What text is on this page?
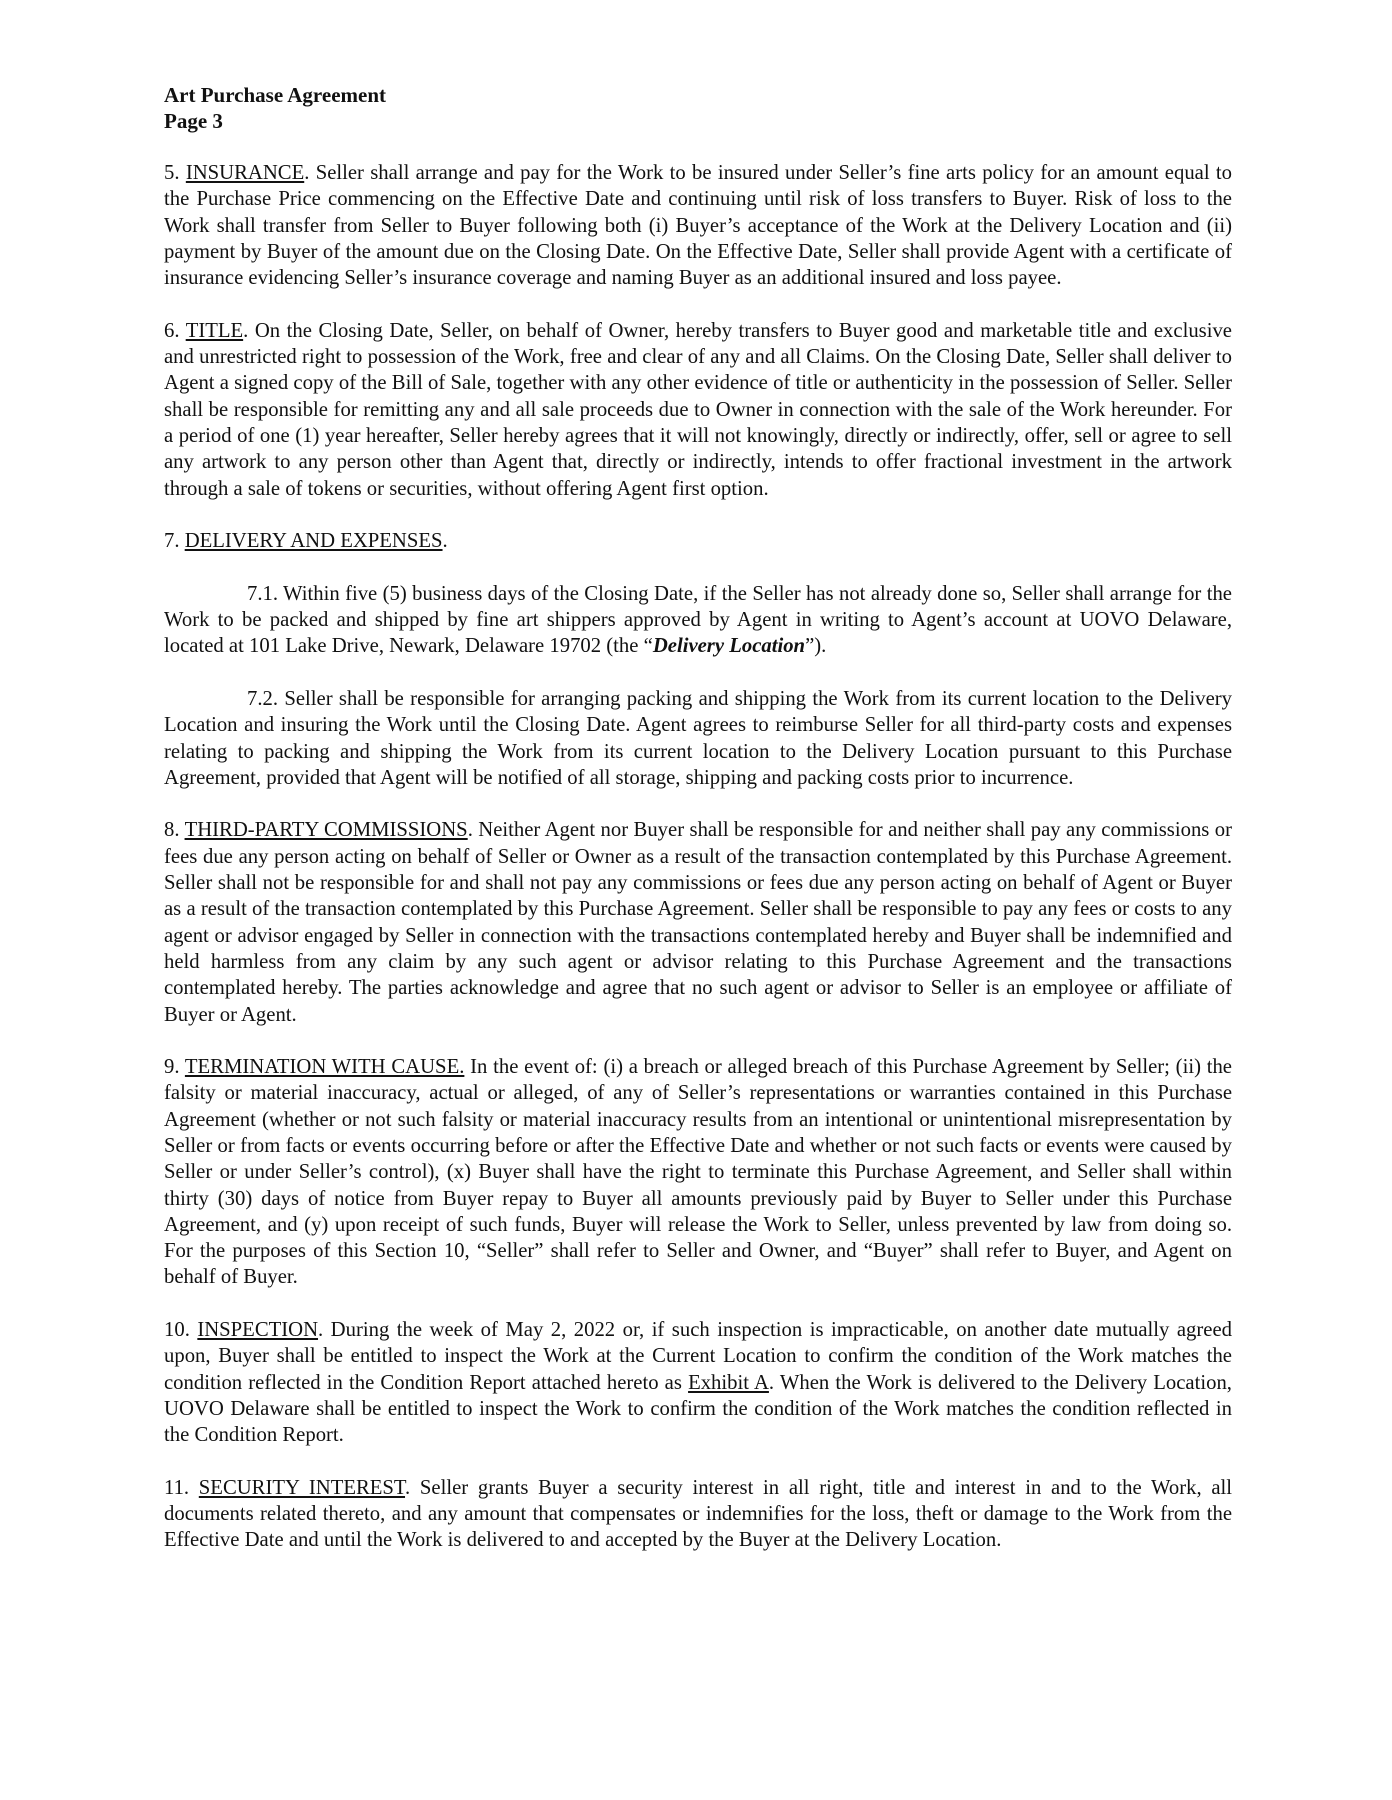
Art Purchase Agreement
Page 3

5. INSURANCE. Seller shall arrange and pay for the Work to be insured under Seller’s fine arts policy for an amount equal to the Purchase Price commencing on the Effective Date and continuing until risk of loss transfers to Buyer. Risk of loss to the Work shall transfer from Seller to Buyer following both (i) Buyer’s acceptance of the Work at the Delivery Location and (ii) payment by Buyer of the amount due on the Closing Date. On the Effective Date, Seller shall provide Agent with a certificate of insurance evidencing Seller’s insurance coverage and naming Buyer as an additional insured and loss payee.

6. TITLE. On the Closing Date, Seller, on behalf of Owner, hereby transfers to Buyer good and marketable title and exclusive and unrestricted right to possession of the Work, free and clear of any and all Claims. On the Closing Date, Seller shall deliver to Agent a signed copy of the Bill of Sale, together with any other evidence of title or authenticity in the possession of Seller. Seller shall be responsible for remitting any and all sale proceeds due to Owner in connection with the sale of the Work hereunder. For a period of one (1) year hereafter, Seller hereby agrees that it will not knowingly, directly or indirectly, offer, sell or agree to sell any artwork to any person other than Agent that, directly or indirectly, intends to offer fractional investment in the artwork through a sale of tokens or securities, without offering Agent first option.

7. DELIVERY AND EXPENSES.

7.1. Within five (5) business days of the Closing Date, if the Seller has not already done so, Seller shall arrange for the Work to be packed and shipped by fine art shippers approved by Agent in writing to Agent’s account at UOVO Delaware, located at 101 Lake Drive, Newark, Delaware 19702 (the “Delivery Location”).

7.2. Seller shall be responsible for arranging packing and shipping the Work from its current location to the Delivery Location and insuring the Work until the Closing Date. Agent agrees to reimburse Seller for all third-party costs and expenses relating to packing and shipping the Work from its current location to the Delivery Location pursuant to this Purchase Agreement, provided that Agent will be notified of all storage, shipping and packing costs prior to incurrence.

8. THIRD-PARTY COMMISSIONS. Neither Agent nor Buyer shall be responsible for and neither shall pay any commissions or fees due any person acting on behalf of Seller or Owner as a result of the transaction contemplated by this Purchase Agreement. Seller shall not be responsible for and shall not pay any commissions or fees due any person acting on behalf of Agent or Buyer as a result of the transaction contemplated by this Purchase Agreement. Seller shall be responsible to pay any fees or costs to any agent or advisor engaged by Seller in connection with the transactions contemplated hereby and Buyer shall be indemnified and held harmless from any claim by any such agent or advisor relating to this Purchase Agreement and the transactions contemplated hereby. The parties acknowledge and agree that no such agent or advisor to Seller is an employee or affiliate of Buyer or Agent.

9. TERMINATION WITH CAUSE. In the event of: (i) a breach or alleged breach of this Purchase Agreement by Seller; (ii) the falsity or material inaccuracy, actual or alleged, of any of Seller’s representations or warranties contained in this Purchase Agreement (whether or not such falsity or material inaccuracy results from an intentional or unintentional misrepresentation by Seller or from facts or events occurring before or after the Effective Date and whether or not such facts or events were caused by Seller or under Seller’s control), (x) Buyer shall have the right to terminate this Purchase Agreement, and Seller shall within thirty (30) days of notice from Buyer repay to Buyer all amounts previously paid by Buyer to Seller under this Purchase Agreement, and (y) upon receipt of such funds, Buyer will release the Work to Seller, unless prevented by law from doing so. For the purposes of this Section 10, “Seller” shall refer to Seller and Owner, and “Buyer” shall refer to Buyer, and Agent on behalf of Buyer.

10. INSPECTION. During the week of May 2, 2022 or, if such inspection is impracticable, on another date mutually agreed upon, Buyer shall be entitled to inspect the Work at the Current Location to confirm the condition of the Work matches the condition reflected in the Condition Report attached hereto as Exhibit A. When the Work is delivered to the Delivery Location, UOVO Delaware shall be entitled to inspect the Work to confirm the condition of the Work matches the condition reflected in the Condition Report.

11. SECURITY INTEREST. Seller grants Buyer a security interest in all right, title and interest in and to the Work, all documents related thereto, and any amount that compensates or indemnifies for the loss, theft or damage to the Work from the Effective Date and until the Work is delivered to and accepted by the Buyer at the Delivery Location.
